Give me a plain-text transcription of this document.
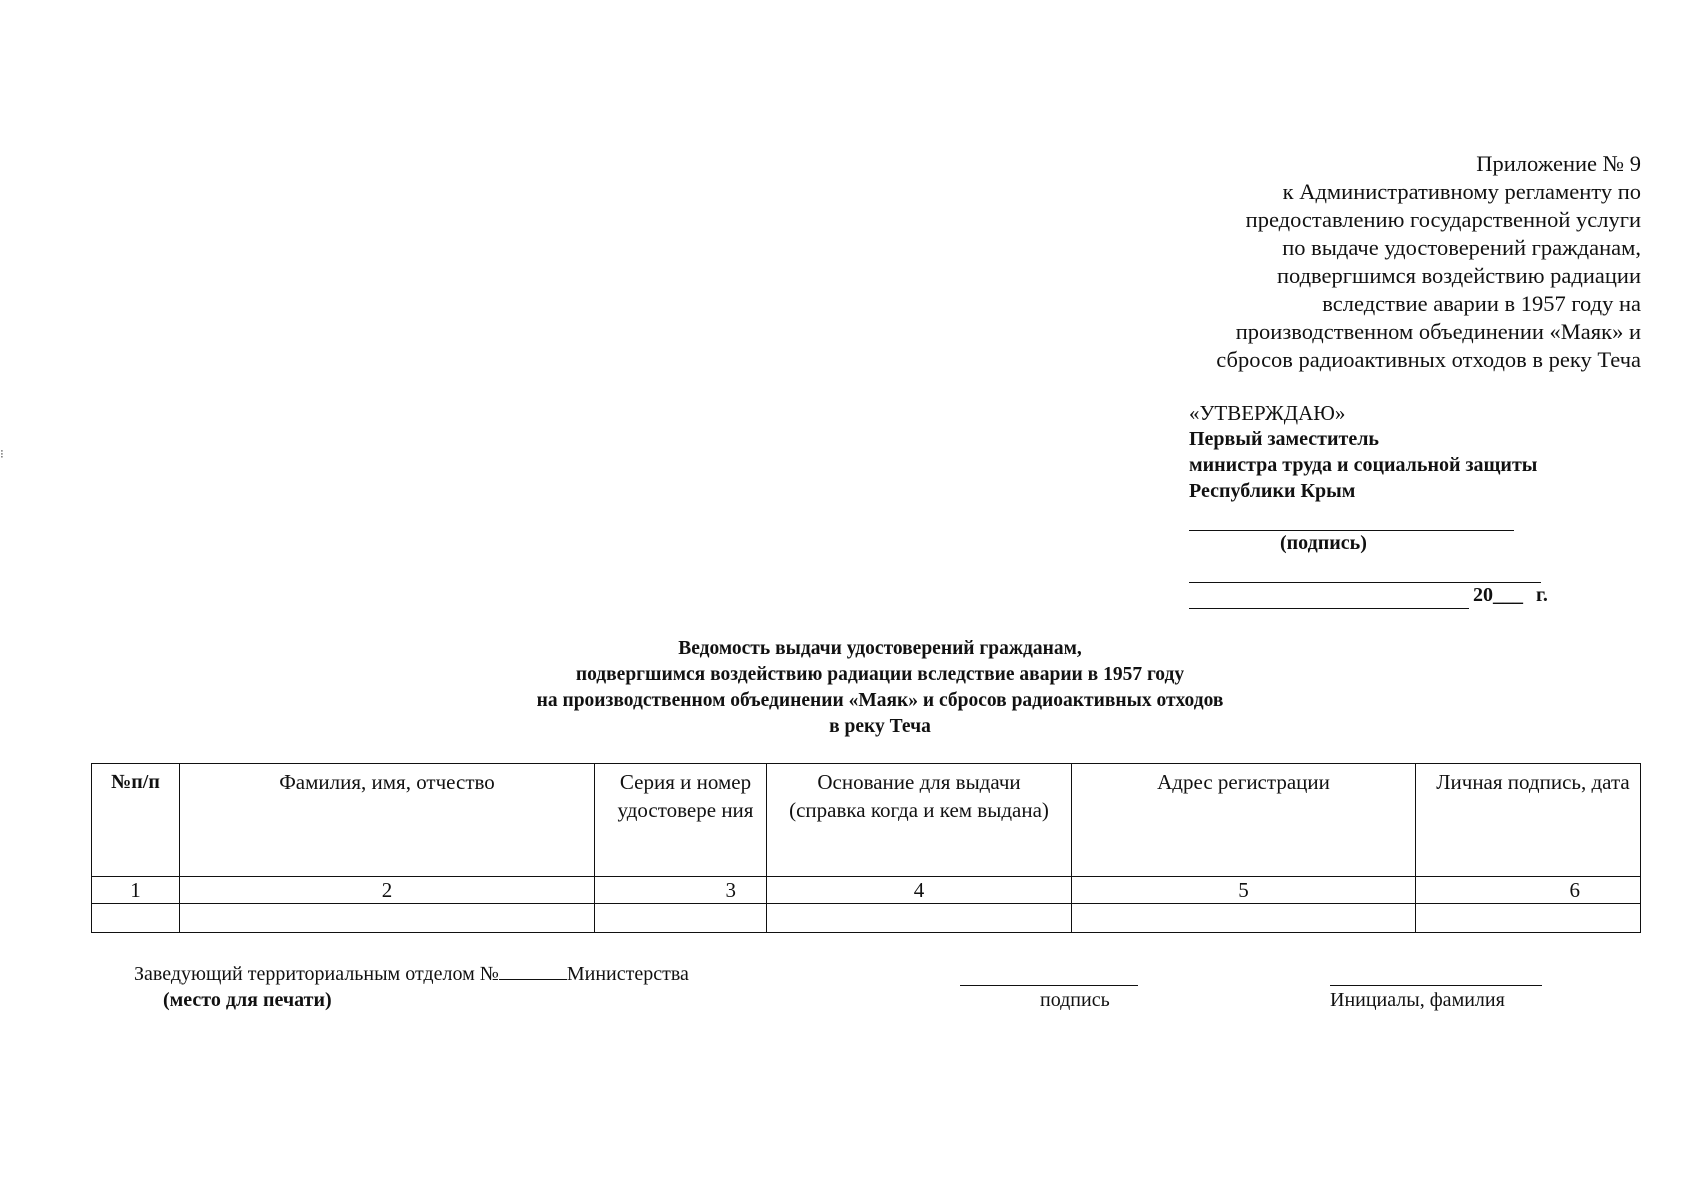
⁝
Приложение № 9
к Административному регламенту по
предоставлению государственной услуги
по выдаче удостоверений гражданам,
подвергшимся воздействию радиации
вследствие аварии в 1957 году на
производственном объединении «Маяк» и
сбросов радиоактивных отходов в реку Теча
«УТВЕРЖДАЮ»
Первый заместитель
министра труда и социальной защиты
Республики Крым
(подпись)
20___ г.
Ведомость выдачи удостоверений гражданам,
подвергшимся воздействию радиации вследствие аварии в 1957 году
на производственном объединении «Маяк» и сбросов радиоактивных отходов
в реку Теча
№п/п	Фамилия, имя, отчество	Серия и номер удостовере ния	Основание для выдачи (справка когда и кем выдана)	Адрес регистрации	Личная подпись, дата
1	2	3	4	5	6

Заведующий территориальным отделом №	Министерства
(место для печати)	подпись	Инициалы, фамилия
